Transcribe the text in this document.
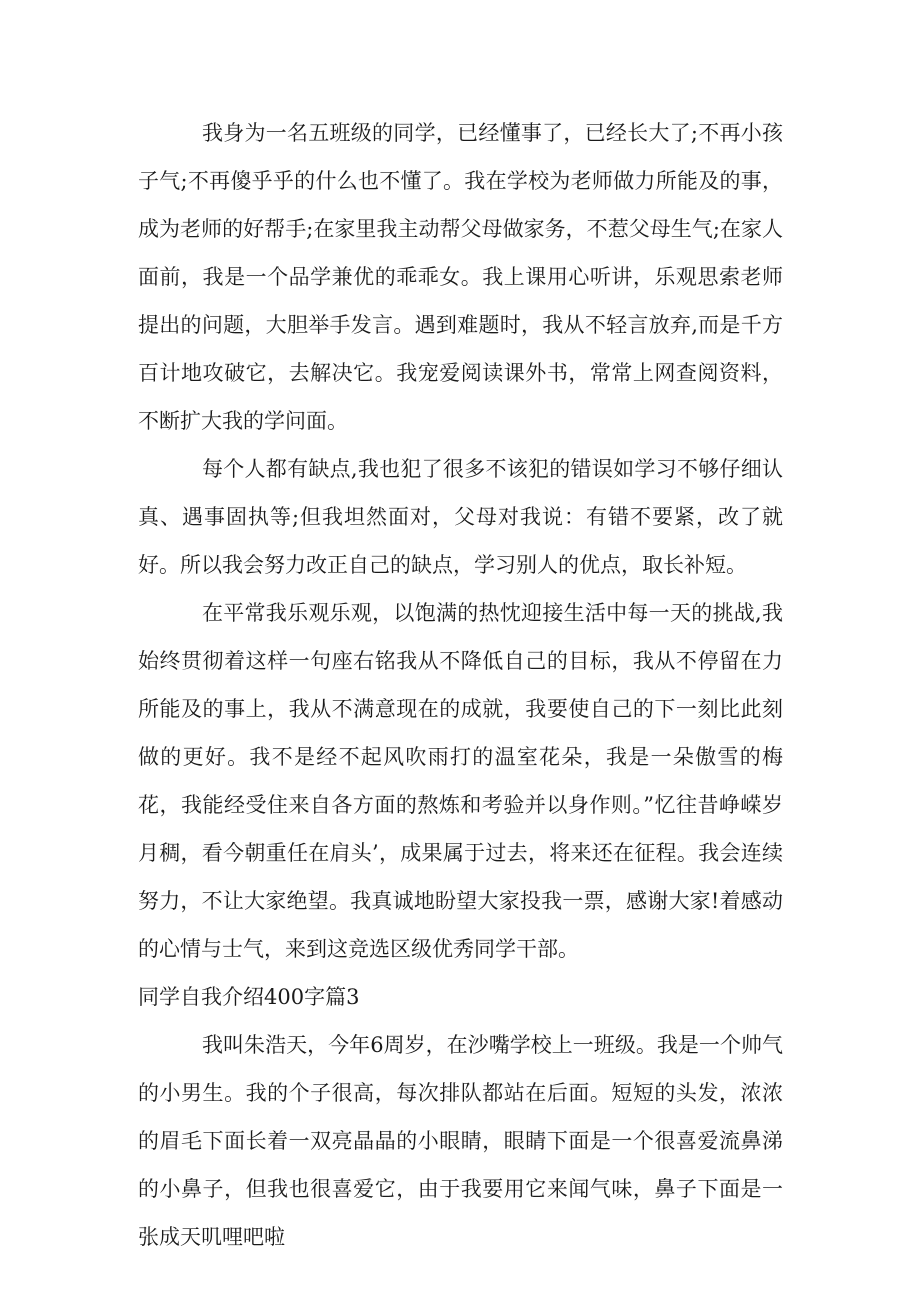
我身为一名五班级的同学，已经懂事了，已经长大了;不再小孩子气;不再傻乎乎的什么也不懂了。我在学校为老师做力所能及的事，成为老师的好帮手;在家里我主动帮父母做家务，不惹父母生气;在家人面前，我是一个品学兼优的乖乖女。我上课用心听讲，乐观思索老师提出的问题，大胆举手发言。遇到难题时，我从不轻言放弃,而是千方百计地攻破它，去解决它。我宠爱阅读课外书，常常上网查阅资料，不断扩大我的学问面。

每个人都有缺点,我也犯了很多不该犯的错误如学习不够仔细认真、遇事固执等;但我坦然面对，父母对我说：有错不要紧，改了就好。所以我会努力改正自己的缺点，学习别人的优点，取长补短。

在平常我乐观乐观，以饱满的热忱迎接生活中每一天的挑战,我始终贯彻着这样一句座右铭我从不降低自己的目标，我从不停留在力所能及的事上，我从不满意现在的成就，我要使自己的下一刻比此刻做的更好。我不是经不起风吹雨打的温室花朵，我是一朵傲雪的梅花，我能经受住来自各方面的熬炼和考验并以身作则。”忆往昔峥嵘岁月稠，看今朝重任在肩头’，成果属于过去，将来还在征程。我会连续努力，不让大家绝望。我真诚地盼望大家投我一票，感谢大家!着感动的心情与士气，来到这竞选区级优秀同学干部。

同学自我介绍400字篇3

我叫朱浩天，今年6周岁，在沙嘴学校上一班级。我是一个帅气的小男生。我的个子很高，每次排队都站在后面。短短的头发，浓浓的眉毛下面长着一双亮晶晶的小眼睛，眼睛下面是一个很喜爱流鼻涕的小鼻子，但我也很喜爱它，由于我要用它来闻气味，鼻子下面是一张成天叽哩吧啦
